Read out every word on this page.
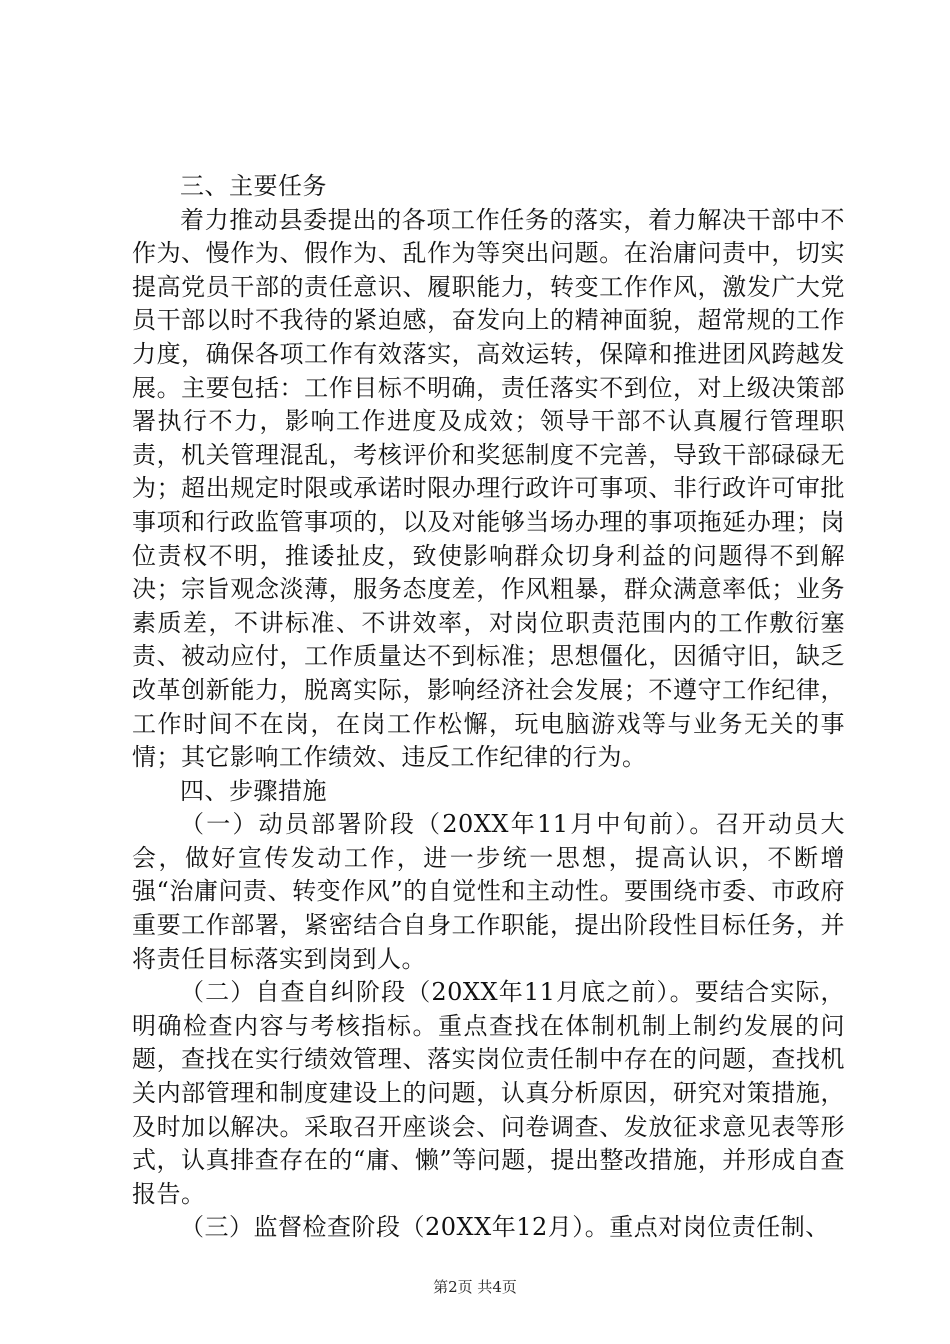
三、主要任务

着力推动县委提出的各项工作任务的落实，着力解决干部中不作为、慢作为、假作为、乱作为等突出问题。在治庸问责中，切实提高党员干部的责任意识、履职能力，转变工作作风，激发广大党员干部以时不我待的紧迫感，奋发向上的精神面貌，超常规的工作力度，确保各项工作有效落实，高效运转，保障和推进团风跨越发展。主要包括：工作目标不明确，责任落实不到位，对上级决策部署执行不力，影响工作进度及成效；领导干部不认真履行管理职责，机关管理混乱，考核评价和奖惩制度不完善，导致干部碌碌无为；超出规定时限或承诺时限办理行政许可事项、非行政许可审批事项和行政监管事项的，以及对能够当场办理的事项拖延办理；岗位责权不明，推诿扯皮，致使影响群众切身利益的问题得不到解决；宗旨观念淡薄，服务态度差，作风粗暴，群众满意率低；业务素质差，不讲标准、不讲效率，对岗位职责范围内的工作敷衍塞责、被动应付，工作质量达不到标准；思想僵化，因循守旧，缺乏改革创新能力，脱离实际，影响经济社会发展；不遵守工作纪律，工作时间不在岗，在岗工作松懈，玩电脑游戏等与业务无关的事情；其它影响工作绩效、违反工作纪律的行为。

四、步骤措施

（一）动员部署阶段（20XX年11月中旬前）。召开动员大会，做好宣传发动工作，进一步统一思想，提高认识，不断增强“治庸问责、转变作风”的自觉性和主动性。要围绕市委、市政府重要工作部署，紧密结合自身工作职能，提出阶段性目标任务，并将责任目标落实到岗到人。

（二）自查自纠阶段（20XX年11月底之前）。要结合实际，明确检查内容与考核指标。重点查找在体制机制上制约发展的问题，查找在实行绩效管理、落实岗位责任制中存在的问题，查找机关内部管理和制度建设上的问题，认真分析原因，研究对策措施，及时加以解决。采取召开座谈会、问卷调查、发放征求意见表等形式，认真排查存在的“庸、懒”等问题，提出整改措施，并形成自查报告。

（三）监督检查阶段（20XX年12月）。重点对岗位责任制、

第2页 共4页
